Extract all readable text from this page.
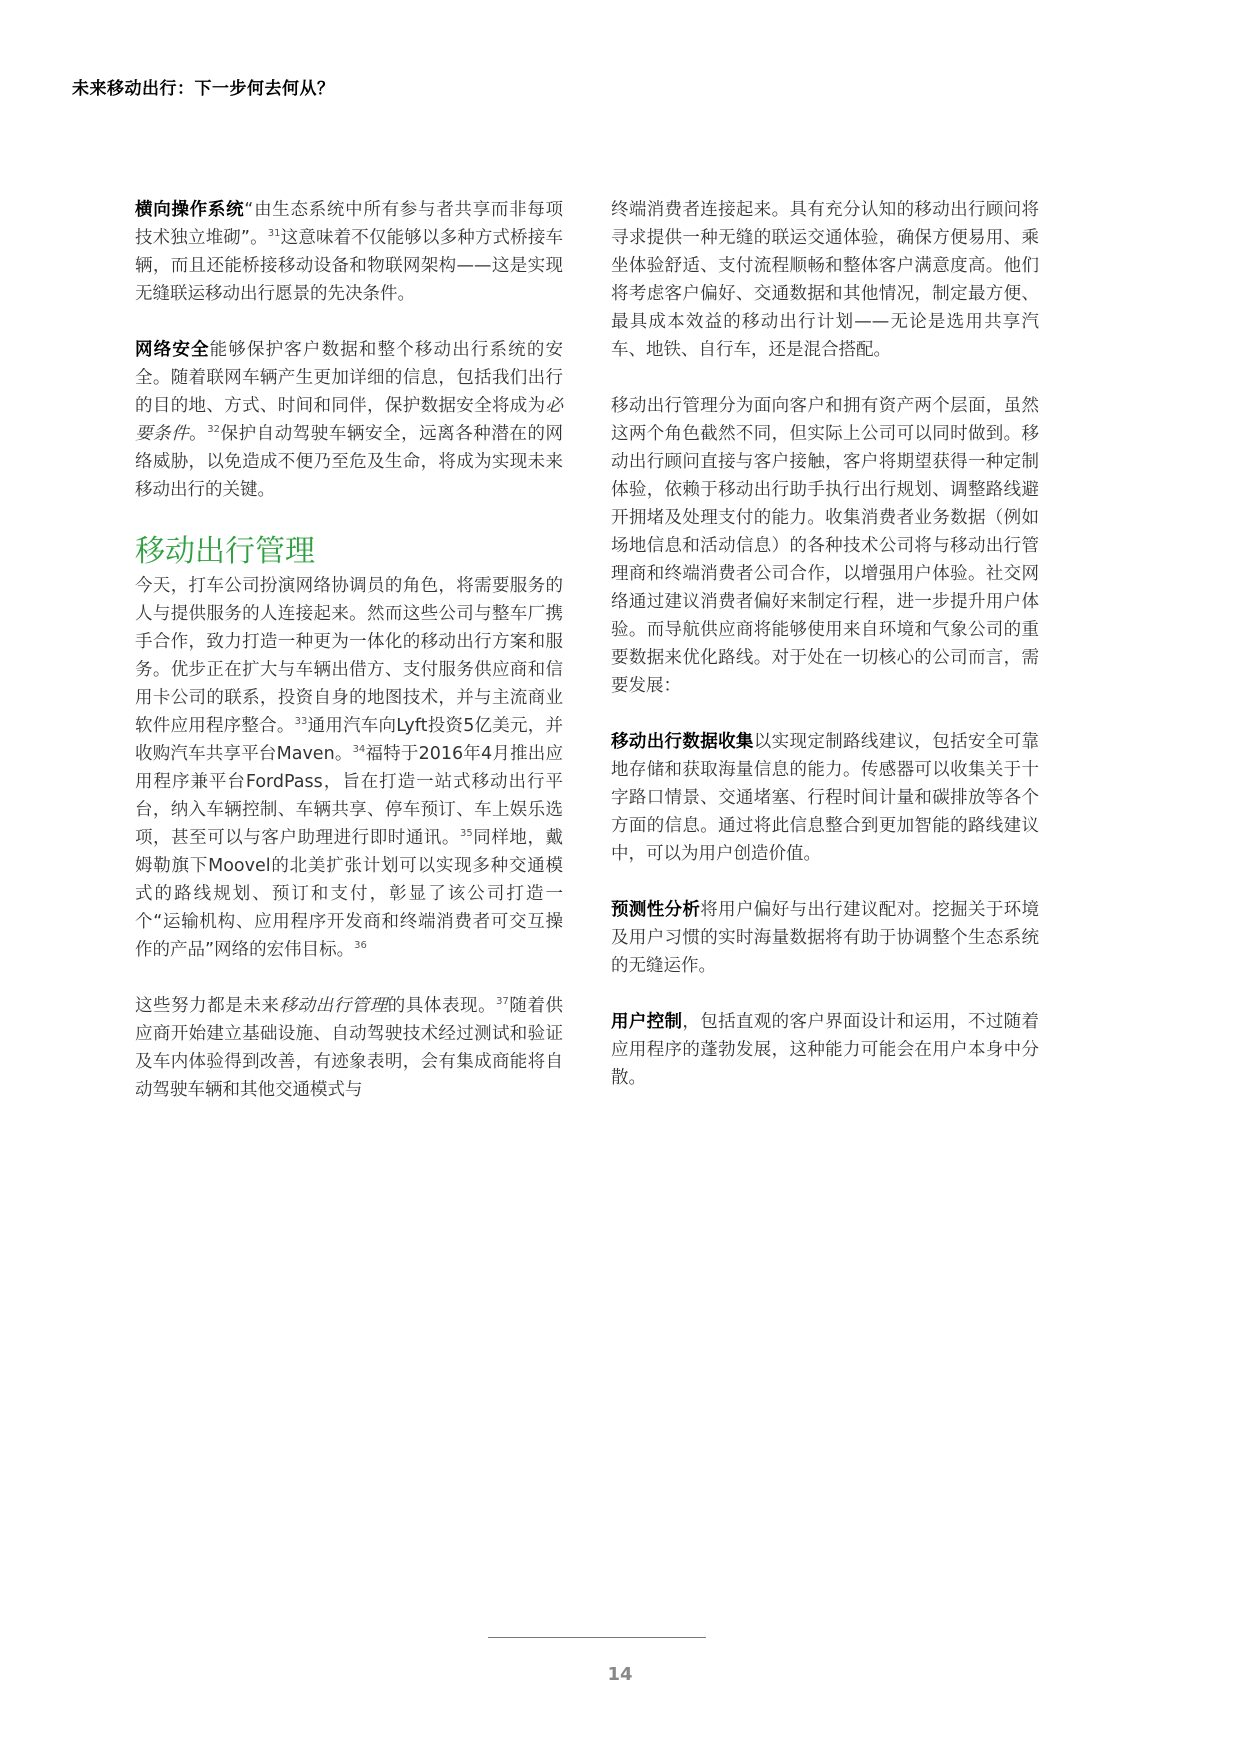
未来移动出行：下一步何去何从？

横向操作系统“由生态系统中所有参与者共享而非每项技术独立堆砌”。$^{31}$这意味着不仅能够以多种方式桥接车辆，而且还能桥接移动设备和物联网架构——这是实现无缝联运移动出行愿景的先决条件。

网络安全能够保护客户数据和整个移动出行系统的安全。随着联网车辆产生更加详细的信息，包括我们出行的目的地、方式、时间和同伴，保护数据安全将成为必要条件。$^{32}$保护自动驾驶车辆安全，远离各种潜在的网络威胁，以免造成不便乃至危及生命，将成为实现未来移动出行的关键。

移动出行管理

今天，打车公司扮演网络协调员的角色，将需要服务的人与提供服务的人连接起来。然而这些公司与整车厂携手合作，致力打造一种更为一体化的移动出行方案和服务。优步正在扩大与车辆出借方、支付服务供应商和信用卡公司的联系，投资自身的地图技术，并与主流商业软件应用程序整合。$^{33}$通用汽车向Lyft投资5亿美元，并收购汽车共享平台Maven。$^{34}$福特于2016年4月推出应用程序兼平台FordPass，旨在打造一站式移动出行平台，纳入车辆控制、车辆共享、停车预订、车上娱乐选项，甚至可以与客户助理进行即时通讯。$^{35}$同样地，戴姆勒旗下Moovel的北美扩张计划可以实现多种交通模式的路线规划、预订和支付，彰显了该公司打造一个“运输机构、应用程序开发商和终端消费者可交互操作的产品”网络的宏伟目标。$^{36}$

这些努力都是未来移动出行管理的具体表现。$^{37}$随着供应商开始建立基础设施、自动驾驶技术经过测试和验证及车内体验得到改善，有迹象表明，会有集成商能将自动驾驶车辆和其他交通模式与

终端消费者连接起来。具有充分认知的移动出行顾问将寻求提供一种无缝的联运交通体验，确保方便易用、乘坐体验舒适、支付流程顺畅和整体客户满意度高。他们将考虑客户偏好、交通数据和其他情况，制定最方便、最具成本效益的移动出行计划——无论是选用共享汽车、地铁、自行车，还是混合搭配。

移动出行管理分为面向客户和拥有资产两个层面，虽然这两个角色截然不同，但实际上公司可以同时做到。移动出行顾问直接与客户接触，客户将期望获得一种定制体验，依赖于移动出行助手执行出行规划、调整路线避开拥堵及处理支付的能力。收集消费者业务数据（例如场地信息和活动信息）的各种技术公司将与移动出行管理商和终端消费者公司合作，以增强用户体验。社交网络通过建议消费者偏好来制定行程，进一步提升用户体验。而导航供应商将能够使用来自环境和气象公司的重要数据来优化路线。对于处在一切核心的公司而言，需要发展：

移动出行数据收集以实现定制路线建议，包括安全可靠地存储和获取海量信息的能力。传感器可以收集关于十字路口情景、交通堵塞、行程时间计量和碳排放等各个方面的信息。通过将此信息整合到更加智能的路线建议中，可以为用户创造价值。

预测性分析将用户偏好与出行建议配对。挖掘关于环境及用户习惯的实时海量数据将有助于协调整个生态系统的无缝运作。

用户控制，包括直观的客户界面设计和运用，不过随着应用程序的蓬勃发展，这种能力可能会在用户本身中分散。

14
